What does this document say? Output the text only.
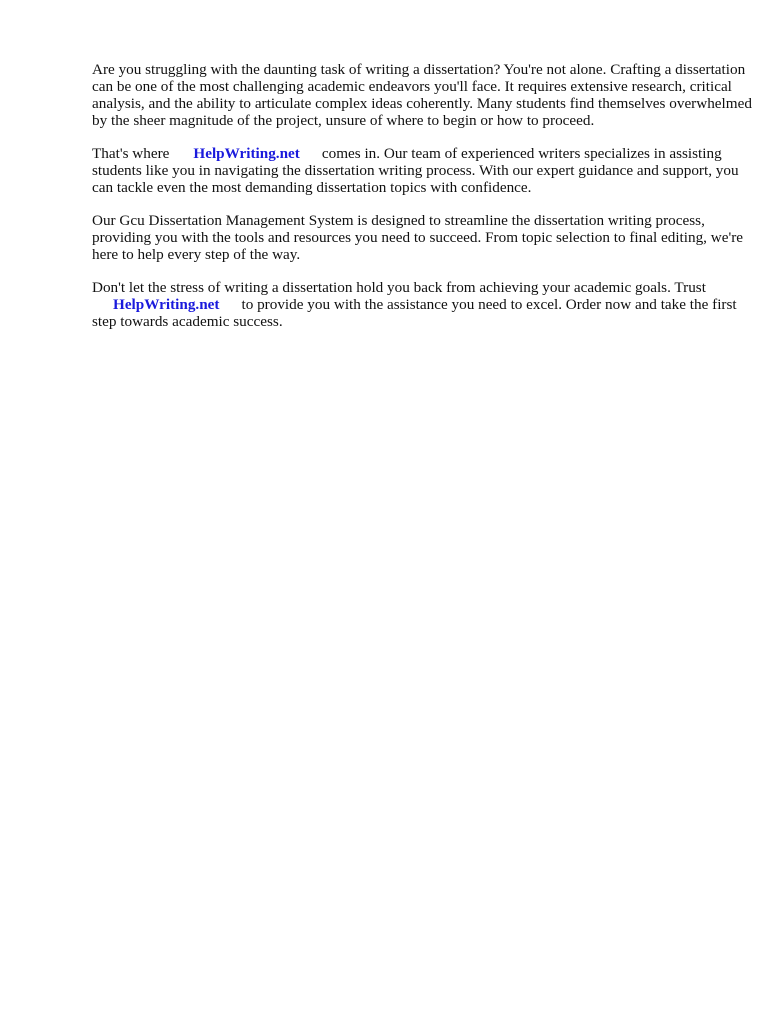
Are you struggling with the daunting task of writing a dissertation? You're not alone. Crafting a dissertation can be one of the most challenging academic endeavors you'll face. It requires extensive research, critical analysis, and the ability to articulate complex ideas coherently. Many students find themselves overwhelmed by the sheer magnitude of the project, unsure of where to begin or how to proceed.

That's where HelpWriting.net comes in. Our team of experienced writers specializes in assisting students like you in navigating the dissertation writing process. With our expert guidance and support, you can tackle even the most demanding dissertation topics with confidence.

Our Gcu Dissertation Management System is designed to streamline the dissertation writing process, providing you with the tools and resources you need to succeed. From topic selection to final editing, we're here to help every step of the way.

Don't let the stress of writing a dissertation hold you back from achieving your academic goals. Trust
HelpWriting.net to provide you with the assistance you need to excel. Order now and take the first step towards academic success.
